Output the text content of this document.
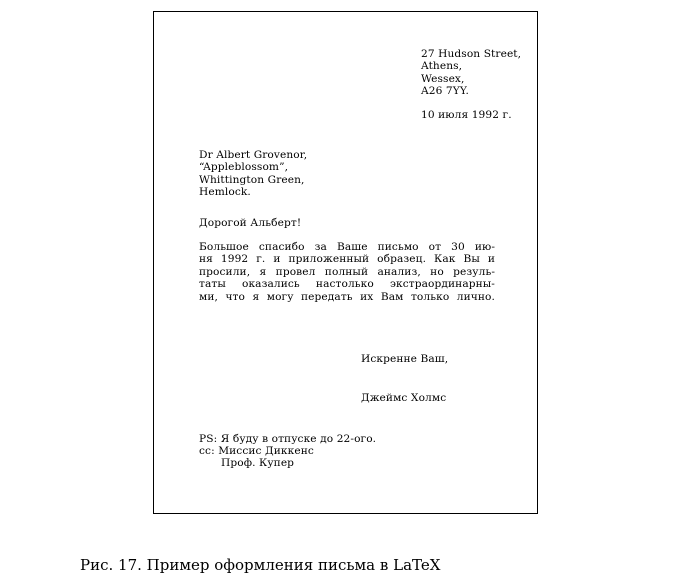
27 Hudson Street,
Athens,
Wessex,
A26 7YY.
10 июля 1992 г.
Dr Albert Grovenor,
“Appleblossom”,
Whittington Green,
Hemlock.
Дорогой Альберт!
Большое спасибо за Ваше письмо от 30 ию-
ня 1992 г. и приложенный образец. Как Вы и
просили, я провел полный анализ, но резуль-
таты оказались настолько экстраординарны-
ми, что я могу передать их Вам только лично.
Искренне Ваш,
Джеймс Холмс
PS: Я буду в отпуске до 22-ого.
cc: Миссис Диккенс
Проф. Купер
Рис. 17. Пример оформления письма в LaTeX
